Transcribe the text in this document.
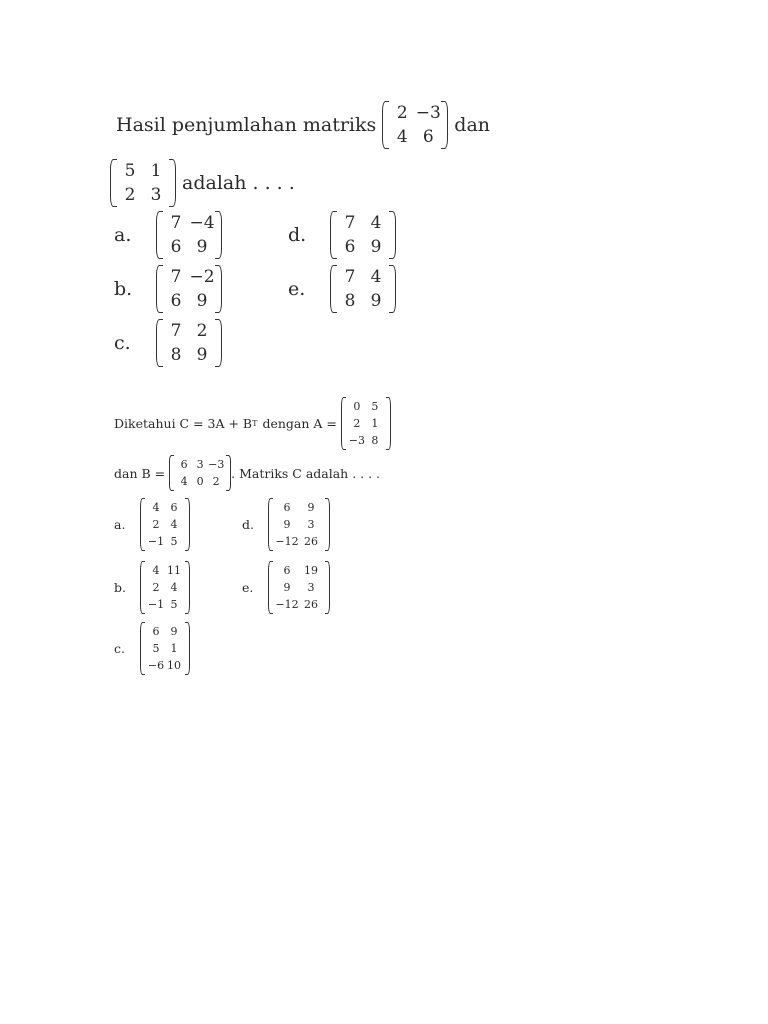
Hasil penjumlahan matriks
2 −3
4 6
dan
5 1
2 3
adalah . . . .
a.
7 −4
6 9
b.
7 −2
6 9
c.
7 2
8 9
d.
7 4
6 9
e.
7 4
8 9
Diketahui C = 3A + B T dengan A =
0	5
2	1
−3 8
dan B =
6 3 −3
4 0 2
. Matriks C adalah . . . .
a.
4	6
2	4
−1 5
b.
4 11
2	4
−1 5
c.
6	9
5	1
−6 10
d.
6	9
9	3
−12 26
e.
6	19
9	3
−12 26
